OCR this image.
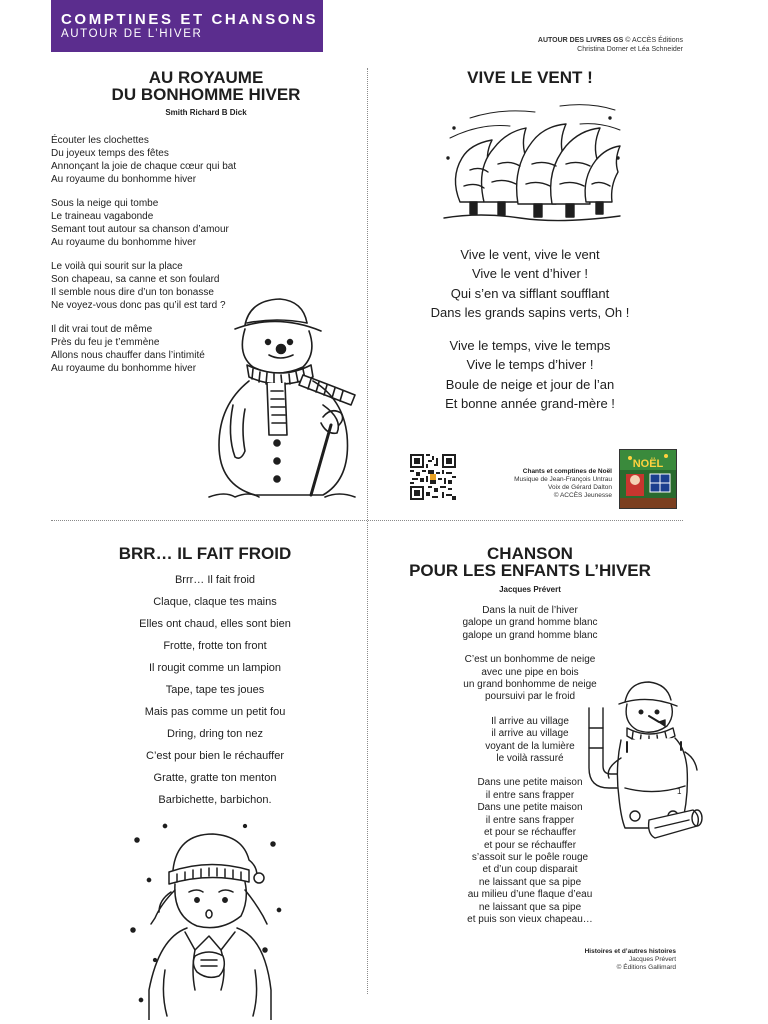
COMPTINES ET CHANSONS
AUTOUR DE L’HIVER
AUTOUR DES LIVRES GS © ACCÈS Éditions
Christina Dorner et Léa Schneider
AU ROYAUME
DU BONHOMME HIVER
Smith Richard B Dick
Écouter les clochettes
Du joyeux temps des fêtes
Annonçant la joie de chaque cœur qui bat
Au royaume du bonhomme hiver
Sous la neige qui tombe
Le traineau vagabonde
Semant tout autour sa chanson d’amour
Au royaume du bonhomme hiver
Le voilà qui sourit sur la place
Son chapeau, sa canne et son foulard
Il semble nous dire d’un ton bonasse
Ne voyez-vous donc pas qu’il est tard ?
Il dit vrai tout de même
Près du feu je t’emmène
Allons nous chauffer dans l’intimité
Au royaume du bonhomme hiver
VIVE LE VENT !
Vive le vent, vive le vent
Vive le vent d’hiver !
Qui s’en va sifflant soufflant
Dans les grands sapins verts, Oh !
Vive le temps, vive le temps
Vive le temps d’hiver !
Boule de neige et jour de l’an
Et bonne année grand-mère !
Chants et comptines de Noël
Musique de Jean-François Untrau
Voix de Gérard Dalton
© ACCÈS Jeunesse
NOËL
BRR… IL FAIT FROID
Brrr… Il fait froid
Claque, claque tes mains
Elles ont chaud, elles sont bien
Frotte, frotte ton front
Il rougit comme un lampion
Tape, tape tes joues
Mais pas comme un petit fou
Dring, dring ton nez
C’est pour bien le réchauffer
Gratte, gratte ton menton
Barbichette, barbichon.
CHANSON
POUR LES ENFANTS L’HIVER
Jacques Prévert
Dans la nuit de l’hiver
galope un grand homme blanc
galope un grand homme blanc
C’est un bonhomme de neige
avec une pipe en bois
un grand bonhomme de neige
poursuivi par le froid
Il arrive au village
il arrive au village
voyant de la lumière
le voilà rassuré
Dans une petite maison
il entre sans frapper
Dans une petite maison
il entre sans frapper
et pour se réchauffer
et pour se réchauffer
s’assoit sur le poêle rouge
et d’un coup disparait
ne laissant que sa pipe
au milieu d’une flaque d’eau
ne laissant que sa pipe
et puis son vieux chapeau…
1
Histoires et d’autres histoires
Jacques Prévert
© Éditions Gallimard
